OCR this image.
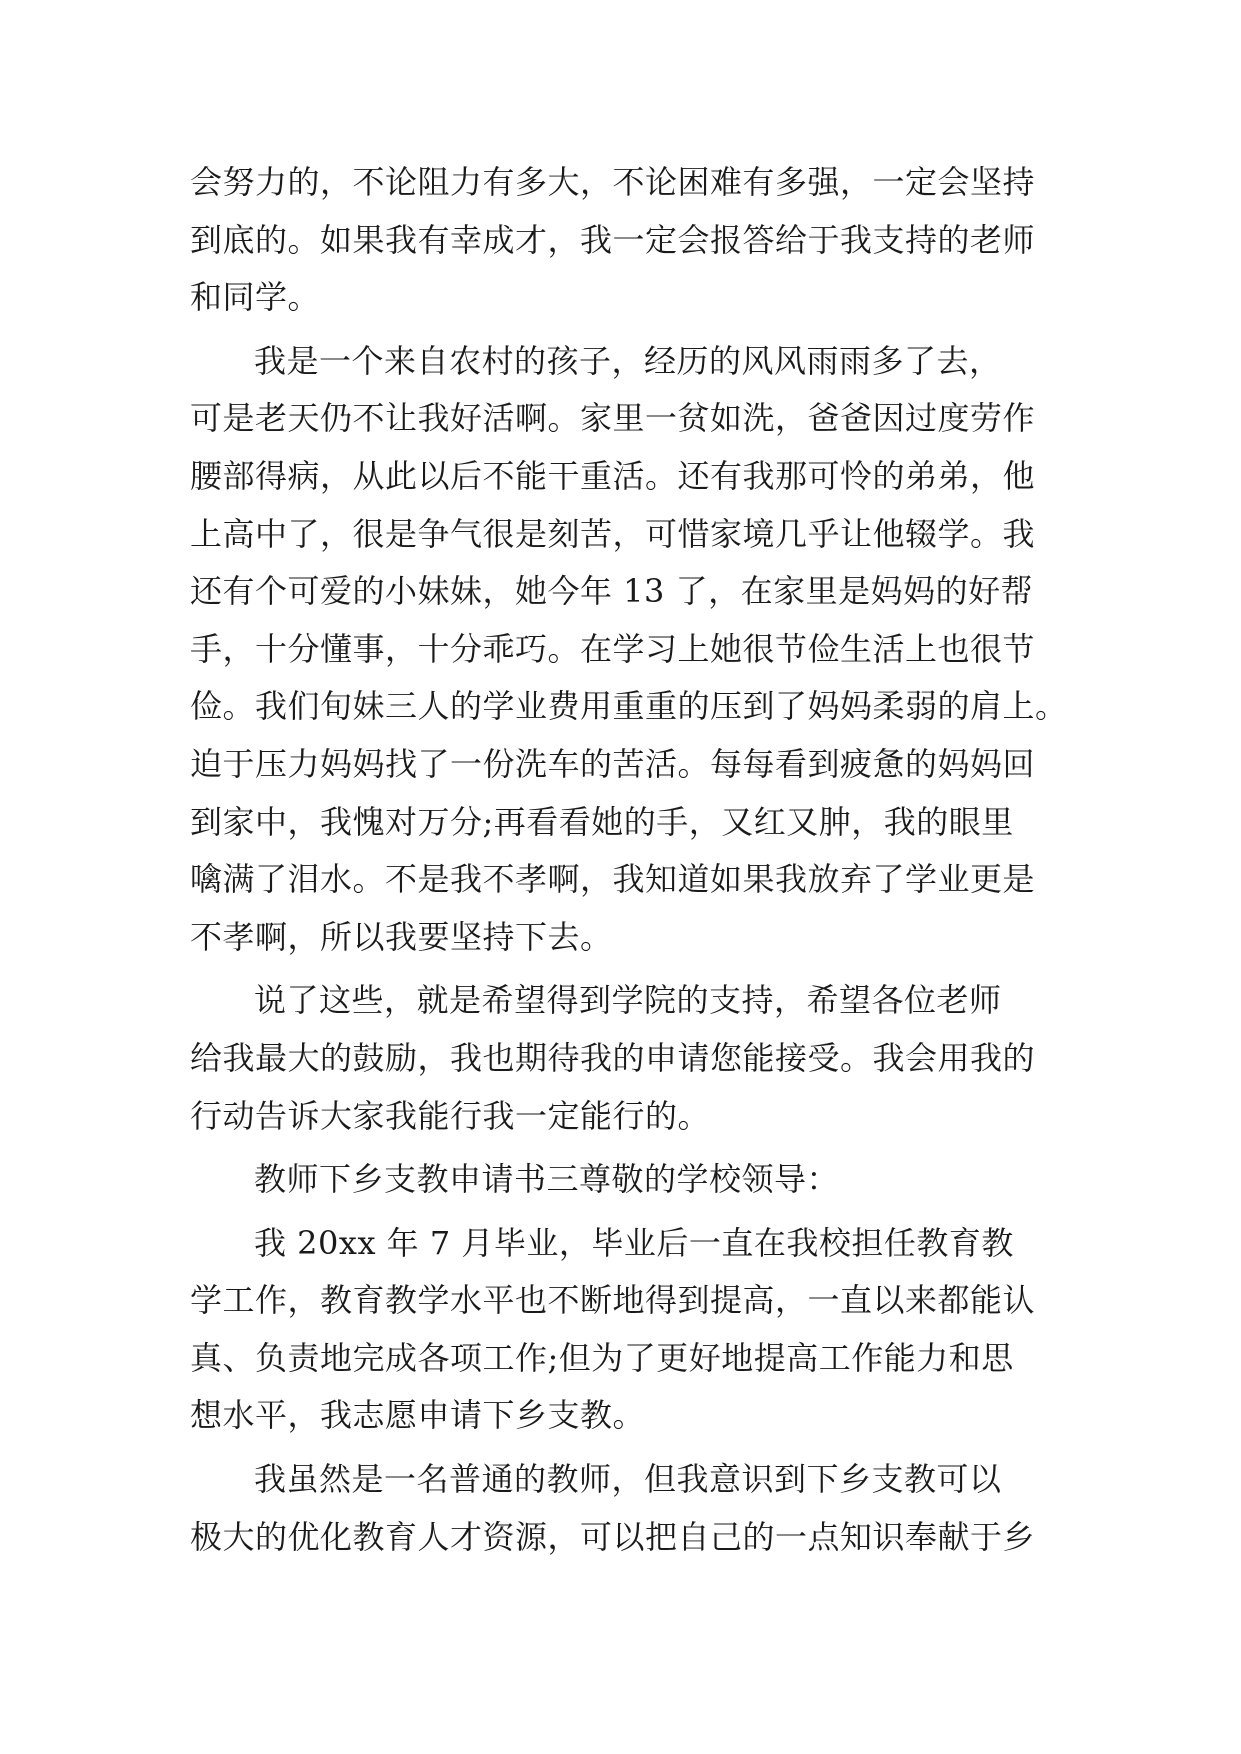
会努力的，不论阻力有多大，不论困难有多强，一定会坚持
到底的。如果我有幸成才，我一定会报答给于我支持的老师
和同学。

我是一个来自农村的孩子，经历的风风雨雨多了去，
可是老天仍不让我好活啊。家里一贫如洗，爸爸因过度劳作
腰部得病，从此以后不能干重活。还有我那可怜的弟弟，他
上高中了，很是争气很是刻苦，可惜家境几乎让他辍学。我
还有个可爱的小妹妹，她今年 13 了，在家里是妈妈的好帮
手，十分懂事，十分乖巧。在学习上她很节俭生活上也很节
俭。我们旬妹三人的学业费用重重的压到了妈妈柔弱的肩上。
迫于压力妈妈找了一份洗车的苦活。每每看到疲惫的妈妈回
到家中，我愧对万分;再看看她的手，又红又肿，我的眼里
噙满了泪水。不是我不孝啊，我知道如果我放弃了学业更是
不孝啊，所以我要坚持下去。

说了这些，就是希望得到学院的支持，希望各位老师
给我最大的鼓励，我也期待我的申请您能接受。我会用我的
行动告诉大家我能行我一定能行的。

教师下乡支教申请书三尊敬的学校领导：

我 20xx 年 7 月毕业，毕业后一直在我校担任教育教
学工作，教育教学水平也不断地得到提高，一直以来都能认
真、负责地完成各项工作;但为了更好地提高工作能力和思
想水平，我志愿申请下乡支教。

我虽然是一名普通的教师，但我意识到下乡支教可以
极大的优化教育人才资源，可以把自己的一点知识奉献于乡
